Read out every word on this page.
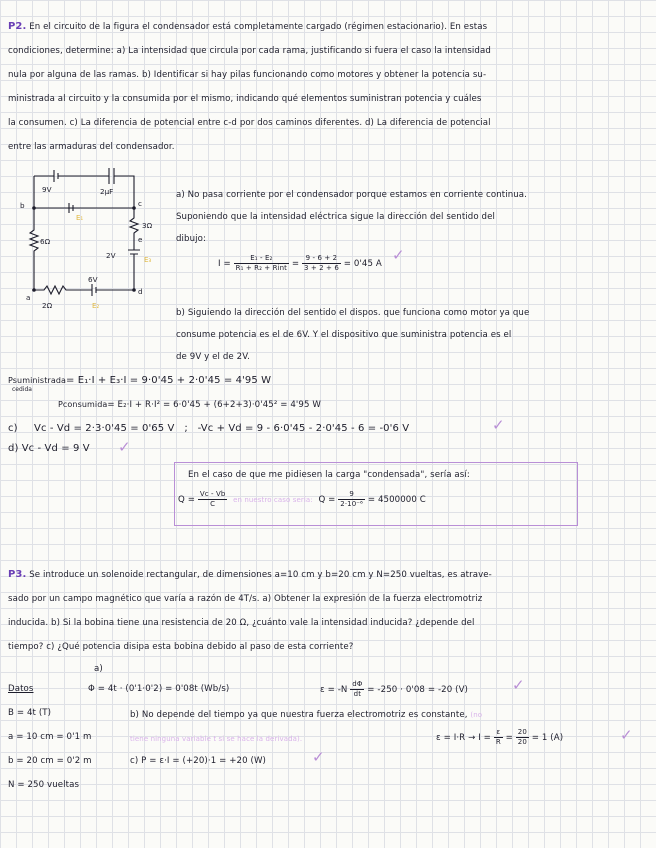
P2. En el circuito de la figura el condensador está completamente cargado (régimen estacionario). En estas
condiciones, determine: a) La intensidad que circula por cada rama, justificando si fuera el caso la intensidad
nula por alguna de las ramas. b) Identificar si hay pilas funcionando como motores y obtener la potencia su-
ministrada al circuito y la consumida por el mismo, indicando qué elementos suministran potencia y cuáles
la consumen. c) La diferencia de potencial entre c-d por dos caminos diferentes. d) La diferencia de potencial
entre las armaduras del condensador.
9V	2µF
b	c
3Ω
e
6Ω
2V
6V
a
d
2Ω
E₁
E₃
E₂
a) No pasa corriente por el condensador porque estamos en corriente continua.
Suponiendo que la intensidad eléctrica sigue la dirección del sentido del
dibujo:
$I = \frac{\text{E₁ - E₂}}{\text{R₁ + R₂ + Rint}} = \frac{9 - 6 + 2}{3 + 2 + 6} = 0'45$ A ✓
b) Siguiendo la dirección del sentido el dispos. que funciona como motor ya que
consume potencia es el de 6V. Y el dispositivo que suministra potencia es el
de 9V y el de 2V.
Psuministrada= E₁·I + E₃·I = 9·0'45 + 2·0'45 = 4'95 W
cedida
Pconsumida= E₂·I + R·I² = 6·0'45 + (6+2+3)·0'45² = 4'95 W
c) Vc - Vd = 2·3·0'45 = 0'65 V ; -Vc + Vd = 9 - 6·0'45 - 2·0'45 - 6 = -0'6 V	✓
d) Vc - Vd = 9 V ✓
En el caso de que me pidiesen la carga "condensada", sería así:
$Q = \frac{Vc - Vb}{C}$ en nuestro caso sería: $Q = \frac{9}{\text{2·10⁻⁶}} = 4500000$ C
P3. Se introduce un solenoide rectangular, de dimensiones a=10 cm y b=20 cm y N=250 vueltas, es atrave-
sado por un campo magnético que varía a razón de 4T/s. a) Obtener la expresión de la fuerza electromotriz
inducida. b) Si la bobina tiene una resistencia de 20 Ω, ¿cuánto vale la intensidad inducida? ¿depende del
tiempo? c) ¿Qué potencia disipa esta bobina debido al paso de esta corriente?
Datos
B = 4t (T)
a = 10 cm = 0'1 m
b = 20 cm = 0'2 m
N = 250 vueltas
a)
Φ = 4t · (0'1·0'2) = 0'08t (Wb/s)	$\varepsilon = -N \frac{d\Phi}{dt} = -250 \cdot 0'08 = -20$ (V)	✓
b) No depende del tiempo ya que nuestra fuerza electromotriz es constante, (no
tiene ninguna variable t si se hace la derivada).	$\varepsilon = I\cdot R \to I = \frac{\varepsilon}{R} = \frac{20}{20} = 1$ (A)	✓
c) P = ε·I = (+20)·1 = +20 (W)	✓
